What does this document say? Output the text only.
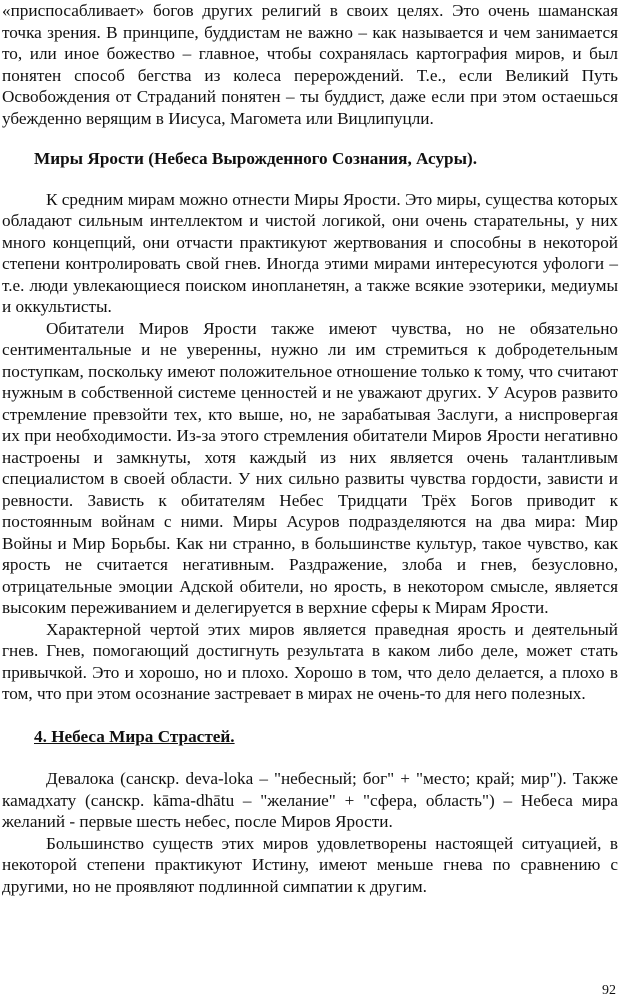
«приспосабливает» богов других религий в своих целях. Это очень шаманская точка зрения. В принципе, буддистам не важно – как называется и чем занимается то, или иное божество – главное, чтобы сохранялась картография миров, и был понятен способ бегства из колеса перерождений. Т.е., если Великий Путь Освобождения от Страданий понятен – ты буддист, даже если при этом остаешься убежденно верящим в Иисуса, Магомета или Вицлипуцли.

Миры Ярости (Небеса Вырожденного Сознания, Асуры).

К средним мирам можно отнести Миры Ярости. Это миры, существа которых обладают сильным интеллектом и чистой логикой, они очень старательны, у них много концепций, они отчасти практикуют жертвования и способны в некоторой степени контролировать свой гнев. Иногда этими мирами интересуются уфологи – т.е. люди увлекающиеся поиском инопланетян, а также всякие эзотерики, медиумы и оккультисты.

Обитатели Миров Ярости также имеют чувства, но не обязательно сентиментальные и не уверенны, нужно ли им стремиться к добродетельным поступкам, поскольку имеют положительное отношение только к тому, что считают нужным в собственной системе ценностей и не уважают других. У Асуров развито стремление превзойти тех, кто выше, но, не зарабатывая Заслуги, а ниспровергая их при необходимости. Из-за этого стремления обитатели Миров Ярости негативно настроены и замкнуты, хотя каждый из них является очень талантливым специалистом в своей области. У них сильно развиты чувства гордости, зависти и ревности. Зависть к обитателям Небес Тридцати Трёх Богов приводит к постоянным войнам с ними. Миры Асуров подразделяются на два мира: Мир Войны и Мир Борьбы. Как ни странно, в большинстве культур, такое чувство, как ярость не считается негативным. Раздражение, злоба и гнев, безусловно, отрицательные эмоции Адской обители, но ярость, в некотором смысле, является высоким переживанием и делегируется в верхние сферы к Мирам Ярости.

Характерной чертой этих миров является праведная ярость и деятельный гнев. Гнев, помогающий достигнуть результата в каком либо деле, может стать привычкой. Это и хорошо, но и плохо. Хорошо в том, что дело делается, а плохо в том, что при этом осознание застревает в мирах не очень-то для него полезных.

4. Небеса Мира Страстей.

Девалока (санскр. deva-loka – "небесный; бог" + "место; край; мир"). Также камадхату (санскр. kāma-dhātu – "желание" + "сфера, область") – Небеса мира желаний - первые шесть небес, после Миров Ярости.

Большинство существ этих миров удовлетворены настоящей ситуацией, в некоторой степени практикуют Истину, имеют меньше гнева по сравнению с другими, но не проявляют подлинной симпатии к другим.

92
